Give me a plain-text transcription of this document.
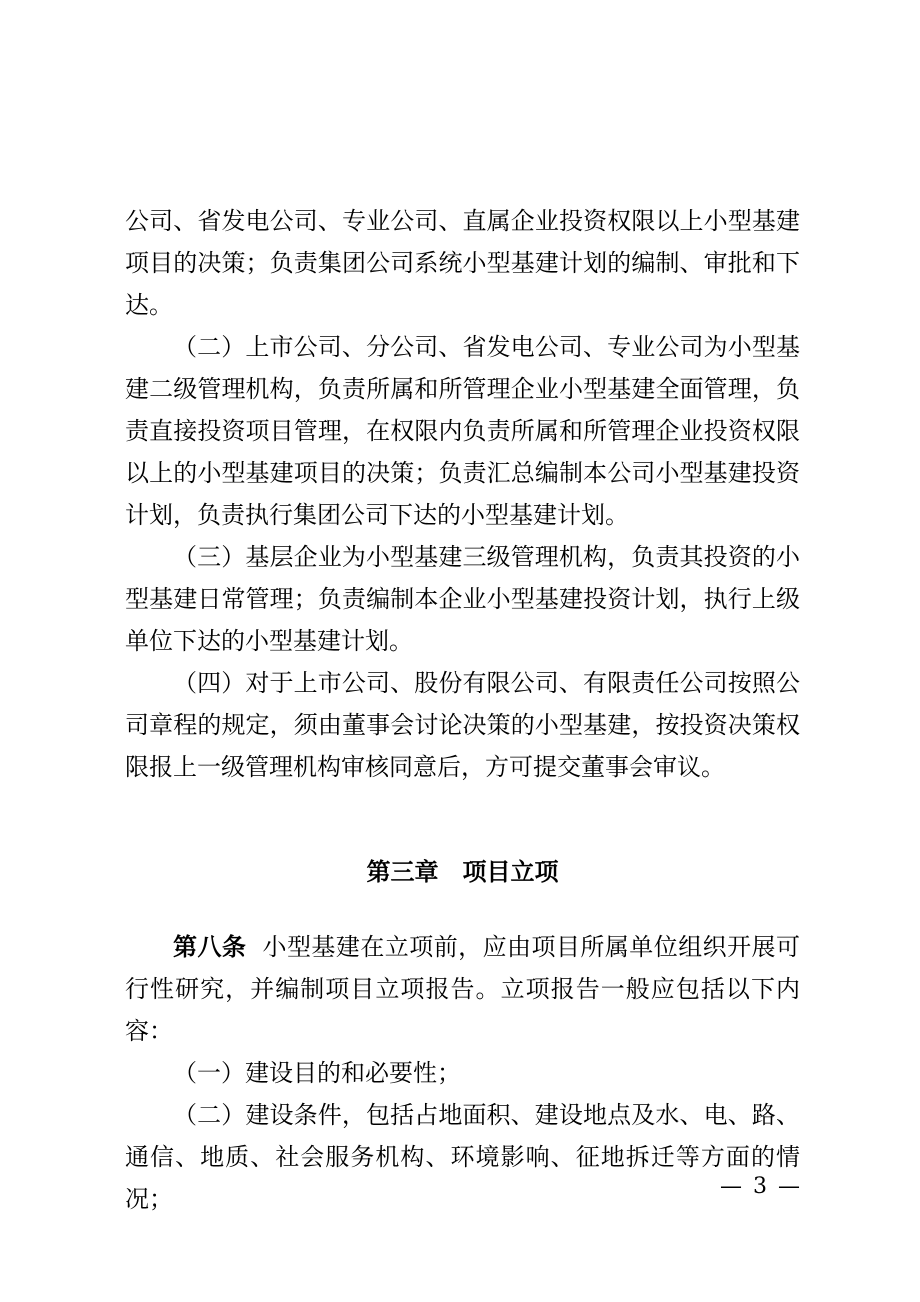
公司、省发电公司、专业公司、直属企业投资权限以上小型基建项目的决策；负责集团公司系统小型基建计划的编制、审批和下达。

（二）上市公司、分公司、省发电公司、专业公司为小型基建二级管理机构，负责所属和所管理企业小型基建全面管理，负责直接投资项目管理，在权限内负责所属和所管理企业投资权限以上的小型基建项目的决策；负责汇总编制本公司小型基建投资计划，负责执行集团公司下达的小型基建计划。

（三）基层企业为小型基建三级管理机构，负责其投资的小型基建日常管理；负责编制本企业小型基建投资计划，执行上级单位下达的小型基建计划。

（四）对于上市公司、股份有限公司、有限责任公司按照公司章程的规定，须由董事会讨论决策的小型基建，按投资决策权限报上一级管理机构审核同意后，方可提交董事会审议。

第三章 项目立项

第八条 小型基建在立项前，应由项目所属单位组织开展可行性研究，并编制项目立项报告。立项报告一般应包括以下内容：

（一）建设目的和必要性；

（二）建设条件，包括占地面积、建设地点及水、电、路、通信、地质、社会服务机构、环境影响、征地拆迁等方面的情况；	— 3 —
